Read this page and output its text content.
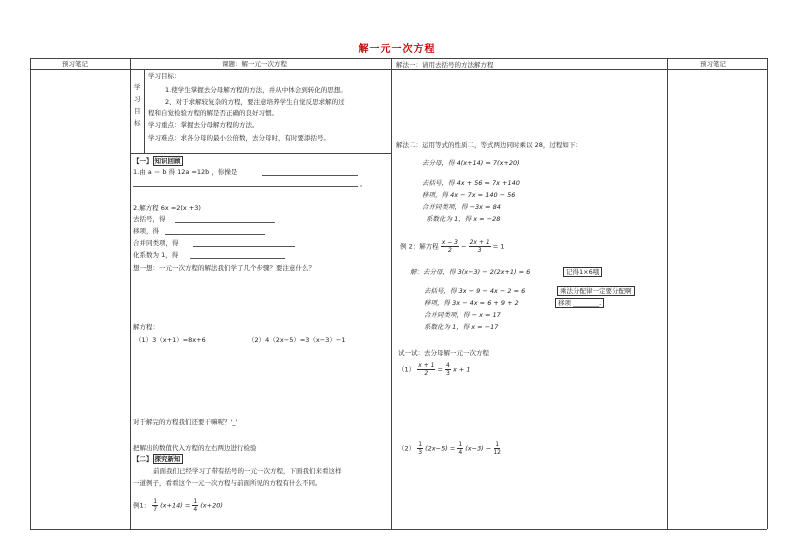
解一元一次方程
预习笔记	课题：解一元一次方程	预习笔记
学
习
目
标
学习目标：
1.使学生掌握去分母解方程的方法，并从中体会到转化的思想。
2、对于求解较复杂的方程，要注意培养学生自觉反思求解的过
程和自觉检验方程的解是否正确的良好习惯。
学习重点：掌握去分母解方程的方法。
学习难点：求各分母的最小公倍数，去分母时，有时要添括号。
【一】 知识回顾
1.由 a ＝ b 得 12a =12b ，你操是
。
2.解方程 6x =2(x +3)
去括号，得
移项，得
合并同类项，得
化系数为 1，得
想一想：一元一次方程的解法我们学了几个步骤？要注意什么？
解方程：
（1）3（x+1）=8x+6	（2）4（2x−5）=3（x−3）−1
对于解完的方程我们还要干嘛呢？'_'
把解出的数值代入方程的左右两边进行检验
【二】 探究新知
前面我们已经学习了带有括号的一元一次方程，下面我们来看这样
一道例子，看看这个一元一次方程与前面所见的方程有什么不同。
例1： $\frac{1}{7} (x+14) = \frac{1}{4} (x+20)$
解法一：请用去括号的方法解方程
解法二：运用等式的性质二，等式两边同时乘以 28，过程如下：
去分母，得 4(x+14) = 7(x+20)
去括号，得 4x + 56 = 7x +140
移项，得 4x − 7x = 140 − 56
合并同类项，得 −3x = 84
系数化为 1，得 x = −28
例 2：解方程 $\frac{x - 3}{2} - \frac{2x + 1}{3} = 1$
解：去分母，得 3(x−3) − 2(2x+1) = 6	记得1×6哦
去括号，得 3x − 9 − 4x − 2 = 6	乘法分配律一定要分配啊
移项，得 3x − 4x = 6 + 9 + 2	移项 ________.
合并同类项，得 − x = 17
系数化为 1，得 x = −17
试一试：去分母解一元一次方程
$(1) \frac{x + 1}{2} = \frac{4}{3}$ x + 1
$(2) \frac{1}{3} (2x-5) = \frac{1}{4} (x-3) - \frac{1}{12}$
